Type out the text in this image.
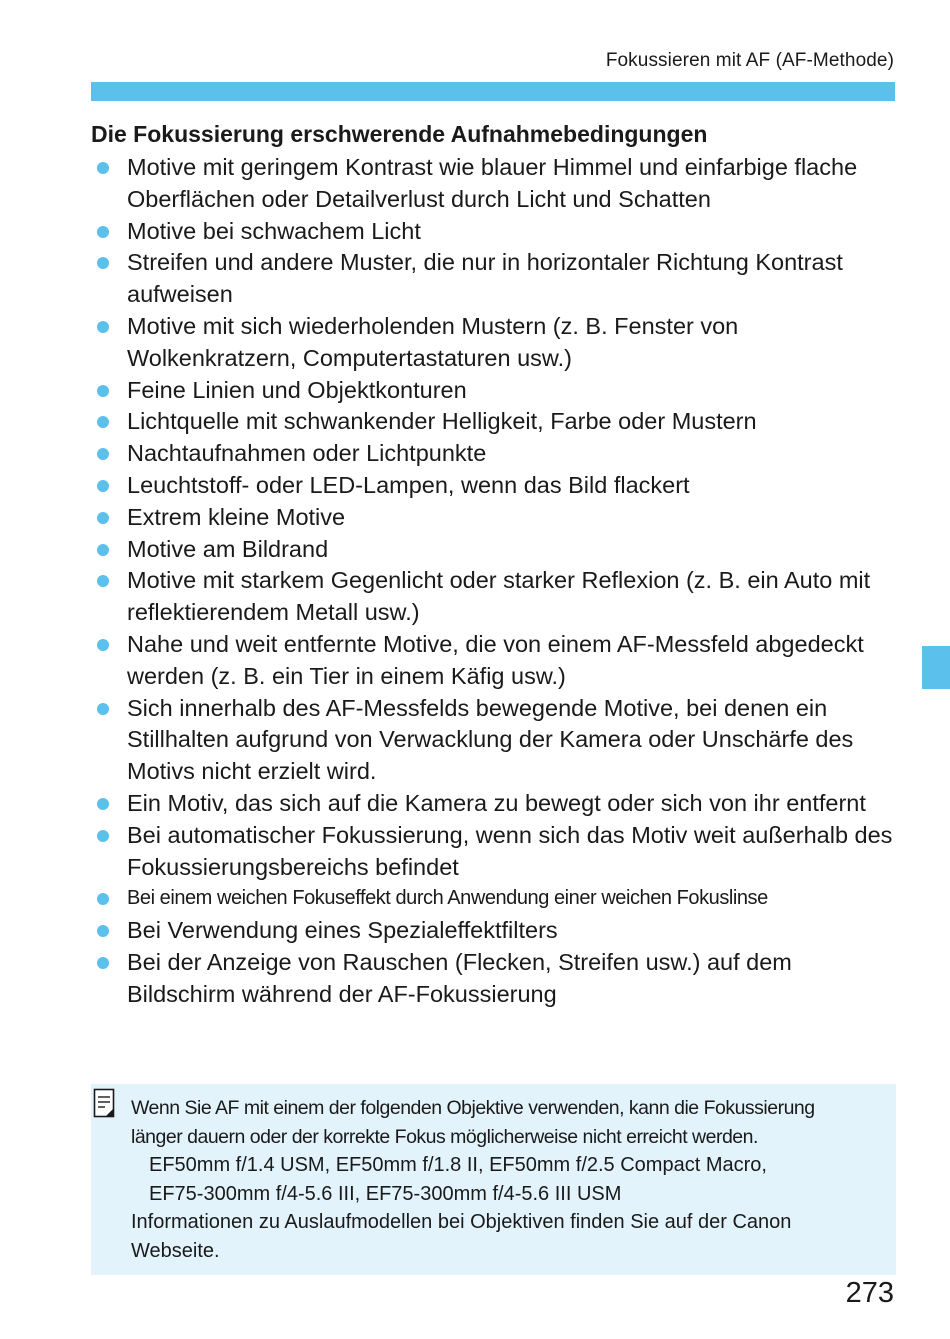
Fokussieren mit AF (AF-Methode)
Die Fokussierung erschwerende Aufnahmebedingungen
Motive mit geringem Kontrast wie blauer Himmel und einfarbige flache Oberflächen oder Detailverlust durch Licht und Schatten
Motive bei schwachem Licht
Streifen und andere Muster, die nur in horizontaler Richtung Kontrast aufweisen
Motive mit sich wiederholenden Mustern (z. B. Fenster von Wolkenkratzern, Computertastaturen usw.)
Feine Linien und Objektkonturen
Lichtquelle mit schwankender Helligkeit, Farbe oder Mustern
Nachtaufnahmen oder Lichtpunkte
Leuchtstoff- oder LED-Lampen, wenn das Bild flackert
Extrem kleine Motive
Motive am Bildrand
Motive mit starkem Gegenlicht oder starker Reflexion (z. B. ein Auto mit reflektierendem Metall usw.)
Nahe und weit entfernte Motive, die von einem AF-Messfeld abgedeckt werden (z. B. ein Tier in einem Käfig usw.)
Sich innerhalb des AF-Messfelds bewegende Motive, bei denen ein Stillhalten aufgrund von Verwacklung der Kamera oder Unschärfe des Motivs nicht erzielt wird.
Ein Motiv, das sich auf die Kamera zu bewegt oder sich von ihr entfernt
Bei automatischer Fokussierung, wenn sich das Motiv weit außerhalb des Fokussierungsbereichs befindet
Bei einem weichen Fokuseffekt durch Anwendung einer weichen Fokuslinse
Bei Verwendung eines Spezialeffektfilters
Bei der Anzeige von Rauschen (Flecken, Streifen usw.) auf dem Bildschirm während der AF-Fokussierung
Wenn Sie AF mit einem der folgenden Objektive verwenden, kann die Fokussierung
länger dauern oder der korrekte Fokus möglicherweise nicht erreicht werden.
EF50mm f/1.4 USM, EF50mm f/1.8 II, EF50mm f/2.5 Compact Macro,
EF75-300mm f/4-5.6 III, EF75-300mm f/4-5.6 III USM
Informationen zu Auslaufmodellen bei Objektiven finden Sie auf der Canon
Webseite.
273
